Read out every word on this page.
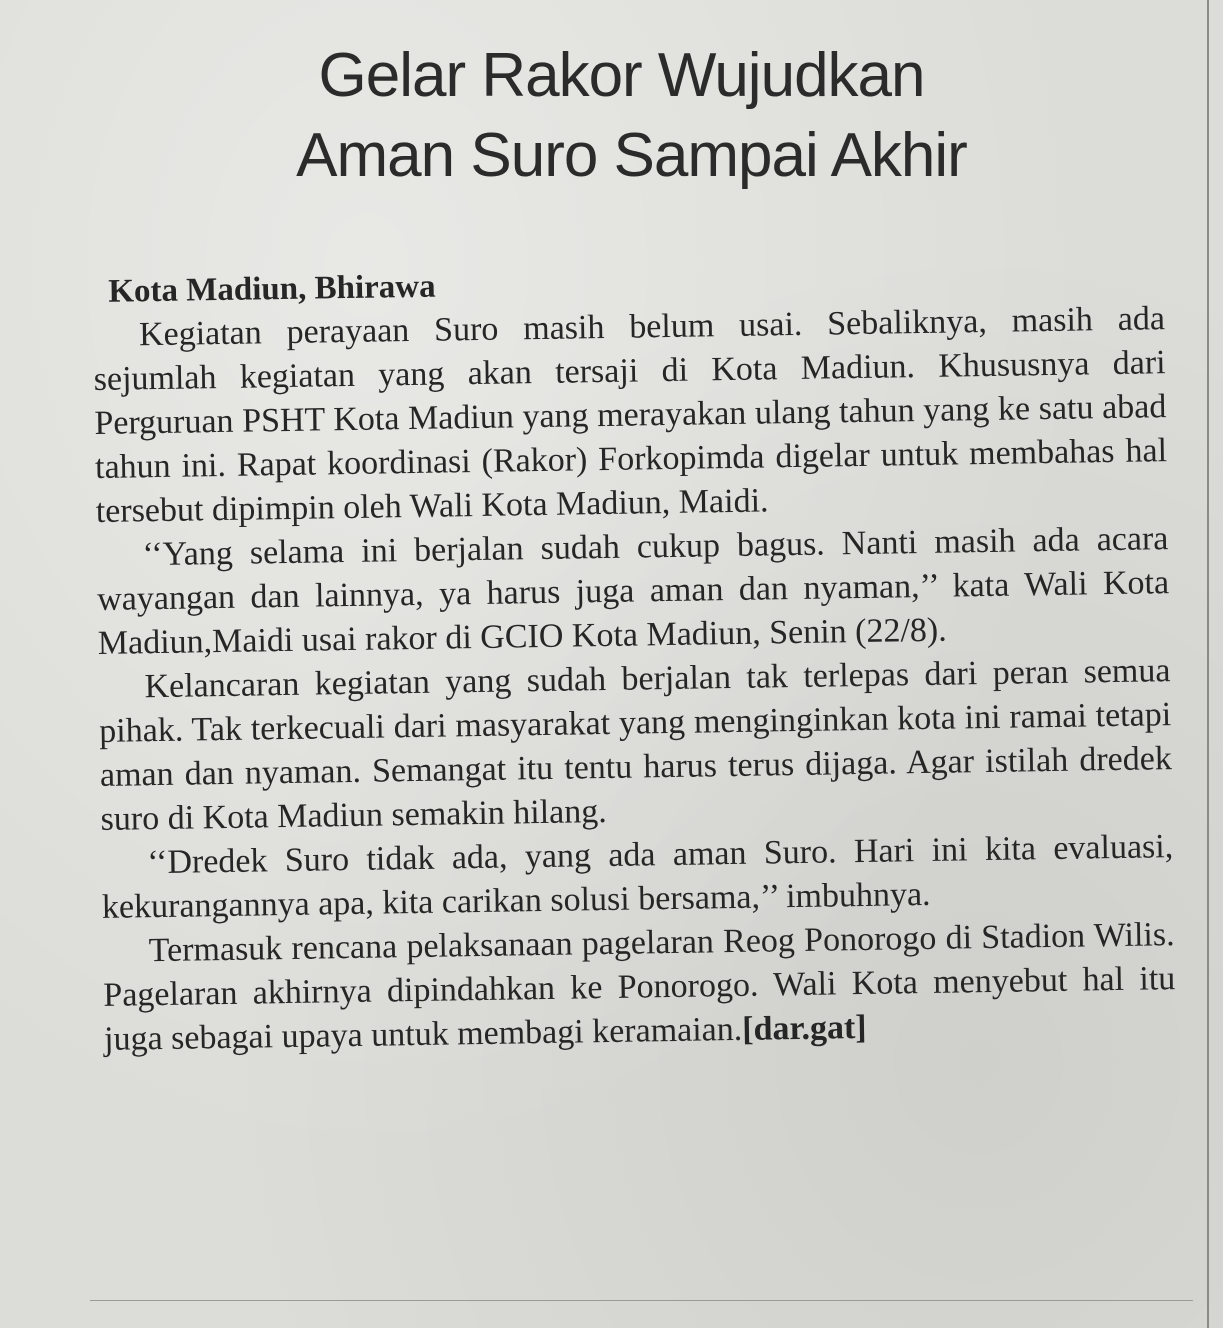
Gelar Rakor Wujudkan
Aman Suro Sampai Akhir
Kota Madiun, Bhirawa

Kegiatan perayaan Suro masih belum usai. Sebaliknya, masih ada sejumlah kegiatan yang akan tersaji di Kota Madiun. Khususnya dari Perguruan PSHT Kota Madiun yang merayakan ulang tahun yang ke satu abad tahun ini. Rapat koordinasi (Rakor) Forkopimda digelar untuk membahas hal tersebut dipimpin oleh Wali Kota Madiun, Maidi.

‘‘Yang selama ini berjalan sudah cukup bagus. Nanti masih ada acara wayangan dan lainnya, ya harus juga aman dan nyaman,’’ kata Wali Kota Madiun,Maidi usai rakor di GCIO Kota Madiun, Senin (22/8).

Kelancaran kegiatan yang sudah berjalan tak terlepas dari peran semua pihak. Tak terkecuali dari masyarakat yang menginginkan kota ini ramai tetapi aman dan nyaman. Semangat itu tentu harus terus dijaga. Agar istilah dredek suro di Kota Madiun semakin hilang.

‘‘Dredek Suro tidak ada, yang ada aman Suro. Hari ini kita evaluasi, kekurangannya apa, kita carikan solusi bersama,’’ imbuhnya.

Termasuk rencana pelaksanaan pagelaran Reog Ponorogo di Stadion Wilis. Pagelaran akhirnya dipindahkan ke Ponorogo. Wali Kota menyebut hal itu juga sebagai upaya untuk membagi keramaian.[dar.gat]
